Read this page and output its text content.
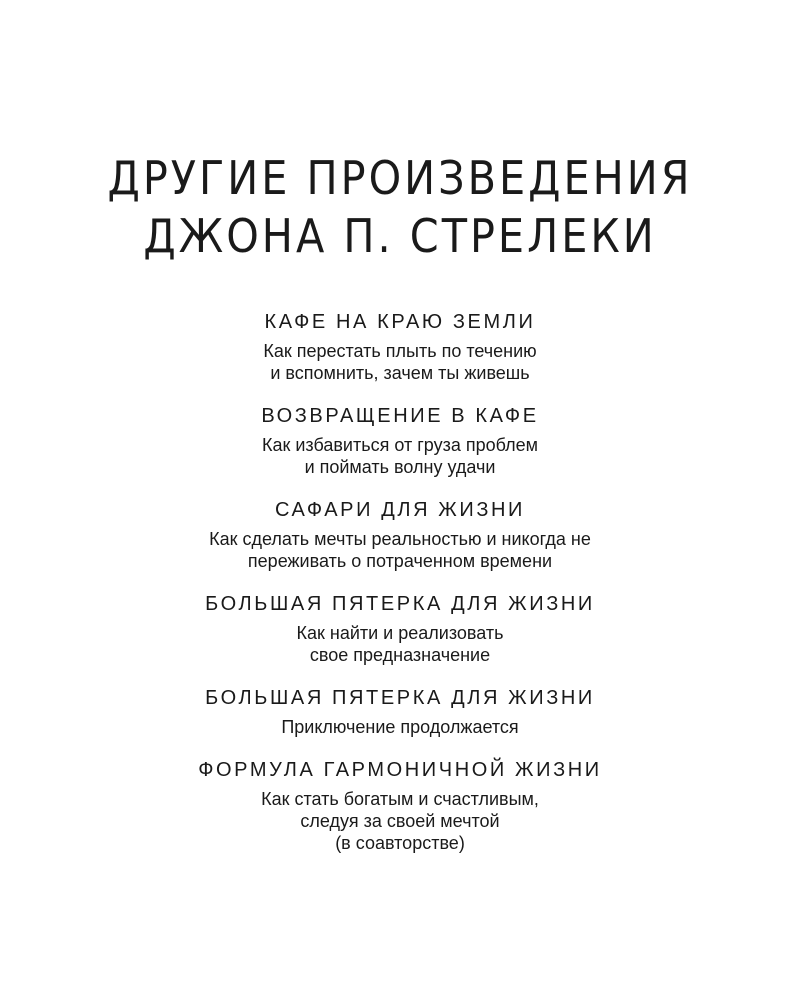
ДРУГИЕ ПРОИЗВЕДЕНИЯ
ДЖОНА П. СТРЕЛЕКИ
КАФЕ НА КРАЮ ЗЕМЛИ
Как перестать плыть по течению
и вспомнить, зачем ты живешь
ВОЗВРАЩЕНИЕ В КАФЕ
Как избавиться от груза проблем
и поймать волну удачи
САФАРИ ДЛЯ ЖИЗНИ
Как сделать мечты реальностью и никогда не
переживать о потраченном времени
БОЛЬШАЯ ПЯТЕРКА ДЛЯ ЖИЗНИ
Как найти и реализовать
свое предназначение
БОЛЬШАЯ ПЯТЕРКА ДЛЯ ЖИЗНИ
Приключение продолжается
ФОРМУЛА ГАРМОНИЧНОЙ ЖИЗНИ
Как стать богатым и счастливым,
следуя за своей мечтой
(в соавторстве)
